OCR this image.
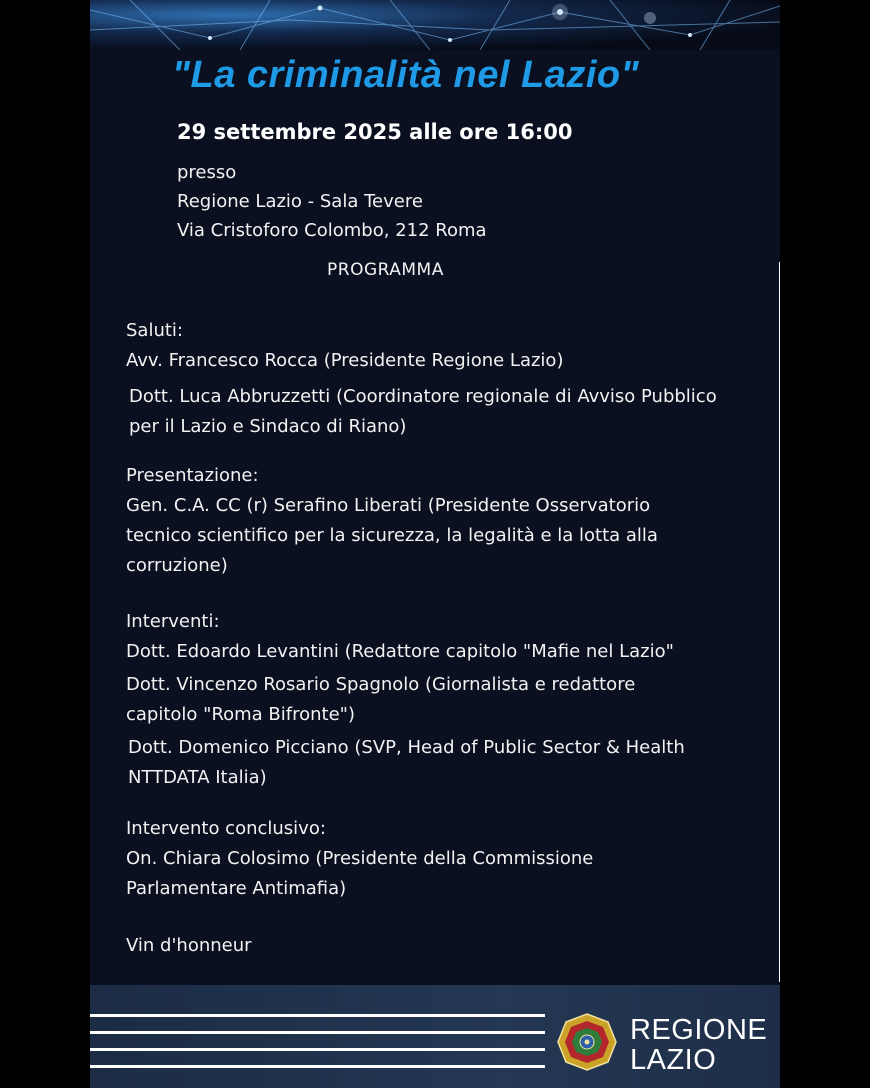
"La criminalità nel Lazio"
29 settembre 2025 alle ore 16:00
presso
Regione Lazio - Sala Tevere
Via Cristoforo Colombo, 212 Roma
PROGRAMMA
Saluti:
Avv. Francesco Rocca (Presidente Regione Lazio)
Dott. Luca Abbruzzetti (Coordinatore regionale di Avviso Pubblico
per il Lazio e Sindaco di Riano)
Presentazione:
Gen. C.A. CC (r) Serafino Liberati (Presidente Osservatorio
tecnico scientifico per la sicurezza, la legalità e la lotta alla
corruzione)
Interventi:
Dott. Edoardo Levantini (Redattore capitolo "Mafie nel Lazio"
Dott. Vincenzo Rosario Spagnolo (Giornalista e redattore
capitolo "Roma Bifronte")
Dott. Domenico Picciano (SVP, Head of Public Sector & Health
NTTDATA Italia)
Intervento conclusivo:
On. Chiara Colosimo (Presidente della Commissione
Parlamentare Antimafia)
Vin d'honneur
REGIONE
LAZIO
